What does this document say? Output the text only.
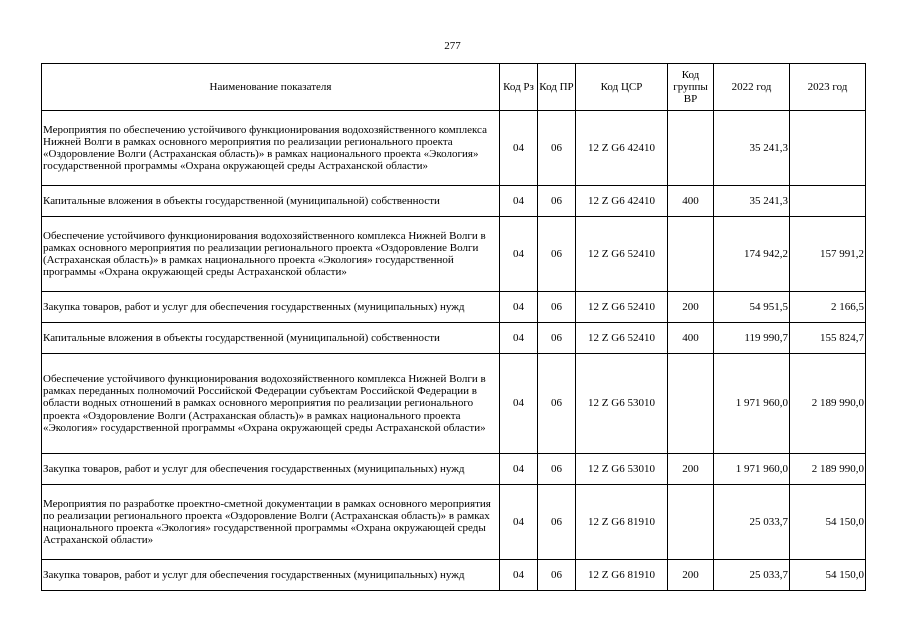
277
Наименование показателя	Код Рз	Код ПР	Код ЦСР	Код группы ВР	2022 год	2023 год
Мероприятия по обеспечению устойчивого функционирования водохозяйственного комплекса Нижней Волги в рамках основного мероприятия по реализации регионального проекта «Оздоровление Волги (Астраханская область)» в рамках национального проекта «Экология» государственной программы «Охрана окружающей среды Астраханской области»	04	06	12 Z G6 42410		35 241,3	
Капитальные вложения в объекты государственной (муниципальной) собственности	04	06	12 Z G6 42410	400	35 241,3	
Обеспечение устойчивого функционирования водохозяйственного комплекса Нижней Волги в рамках основного мероприятия по реализации регионального проекта «Оздоровление Волги (Астраханская область)» в рамках национального проекта «Экология» государственной программы «Охрана окружающей среды Астраханской области»	04	06	12 Z G6 52410		174 942,2	157 991,2
Закупка товаров, работ и услуг для обеспечения государственных (муниципальных) нужд	04	06	12 Z G6 52410	200	54 951,5	2 166,5
Капитальные вложения в объекты государственной (муниципальной) собственности	04	06	12 Z G6 52410	400	119 990,7	155 824,7
Обеспечение устойчивого функционирования водохозяйственного комплекса Нижней Волги в рамках переданных полномочий Российской Федерации субъектам Российской Федерации в области водных отношений в рамках основного мероприятия по реализации регионального проекта «Оздоровление Волги (Астраханская область)» в рамках национального проекта «Экология» государственной программы «Охрана окружающей среды Астраханской области»	04	06	12 Z G6 53010		1 971 960,0	2 189 990,0
Закупка товаров, работ и услуг для обеспечения государственных (муниципальных) нужд	04	06	12 Z G6 53010	200	1 971 960,0	2 189 990,0
Мероприятия по разработке проектно-сметной документации в рамках основного мероприятия по реализации регионального проекта «Оздоровление Волги (Астраханская область)» в рамках национального проекта «Экология» государственной программы «Охрана окружающей среды Астраханской области»	04	06	12 Z G6 81910		25 033,7	54 150,0
Закупка товаров, работ и услуг для обеспечения государственных (муниципальных) нужд	04	06	12 Z G6 81910	200	25 033,7	54 150,0
